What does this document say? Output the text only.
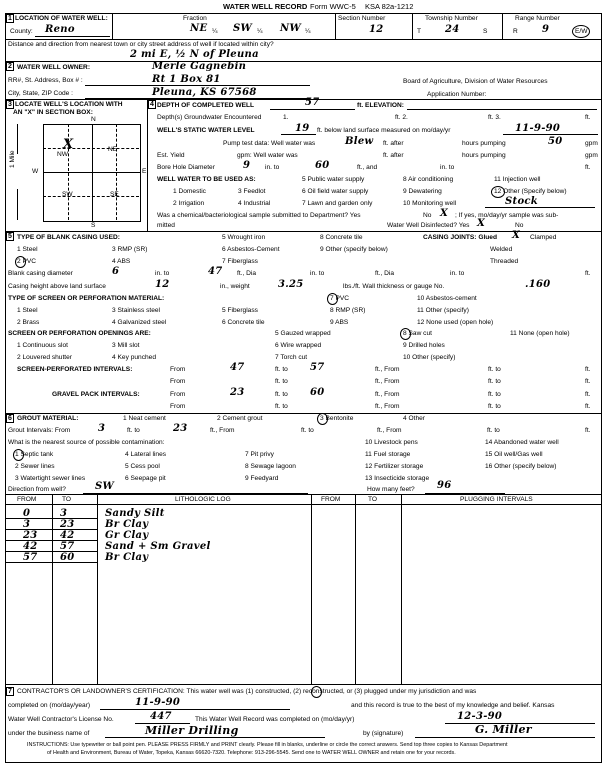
WATER WELL RECORD Form WWC-5 KSA 82a-1212
1 LOCATION OF WATER WELL:	Fraction	Section Number	Township Number	Range Number
County: Reno	NE ¼ SW ¼ NW ¼	12	T 24	S	R 9	E/W
Distance and direction from nearest town or city street address of well if located within city?
2 mi E, ½ N of Pleuna
2 WATER WELL OWNER:	Merle Gagnebin
RR#, St. Address, Box # :	Rt 1 Box 81	Board of Agriculture, Division of Water Resources
City, State, ZIP Code :	Pleuna, KS 67568	Application Number:
3 LOCATE WELL'S LOCATION WITH
AN "X" IN SECTION BOX:
N
S
W	E
NW
NE
SW	SE
X
1 Mile
4 DEPTH OF COMPLETED WELL	57	ft. ELEVATION:
Depth(s) Groundwater Encountered	1.	ft. 2.	ft. 3.	ft.
WELL'S STATIC WATER LEVEL	19 ft. below land surface measured on mo/day/yr	11-9-90
Pump test data: Well water was	Blew ft. after	hours pumping	50	gpm
Est. Yield	gpm: Well water was	ft. after	hours pumping	gpm
Bore Hole Diameter	9 in. to	60	ft., and	in. to	ft.
WELL WATER TO BE USED AS:	5 Public water supply	8 Air conditioning	11 Injection well
1 Domestic	3 Feedlot	6 Oil field water supply	9 Dewatering	12 Other (Specify below)
2 Irrigation	4 Industrial	7 Lawn and garden only	10 Monitoring well	Stock
Was a chemical/bacteriological sample submitted to Department? Yes	No X ; If yes, mo/day/yr sample was sub-
mitted	Water Well Disinfected? Yes X	No
5 TYPE OF BLANK CASING USED:
1 Steel
2 PVC
3 RMP (SR)
4 ABS
5 Wrought iron
6 Asbestos-Cement
7 Fiberglass
8 Concrete tile
9 Other (specify below)
CASING JOINTS: Glued X Clamped
Welded
Threaded
Blank casing diameter	6	in. to	47 ft., Dia	in. to	ft., Dia	in. to	ft.
Casing height above land surface	12	in., weight	3.25	lbs./ft. Wall thickness or gauge No.	.160
TYPE OF SCREEN OR PERFORATION MATERIAL:
1 Steel
2 Brass
3 Stainless steel
4 Galvanized steel
5 Fiberglass
6 Concrete tile
7 PVC
8 RMP (SR)
9 ABS
10 Asbestos-cement
11 Other (specify)
12 None used (open hole)
SCREEN OR PERFORATION OPENINGS ARE:
1 Continuous slot
2 Louvered shutter
3 Mill slot
4 Key punched
5 Gauzed wrapped
6 Wire wrapped
7 Torch cut
8 Saw cut
9 Drilled holes
10 Other (specify)
11 None (open hole)
SCREEN-PERFORATED INTERVALS:	From	47	ft. to 57	ft., From	ft. to	ft.
From	ft. to	ft., From	ft. to	ft.
GRAVEL PACK INTERVALS:	From	23	ft. to 60	ft., From	ft. to	ft.
From	ft. to	ft., From	ft. to	ft.
6 GROUT MATERIAL:	1 Neat cement	2 Cement grout	3 Bentonite	4 Other
Grout Intervals: From	3	ft. to	23	ft., From	ft. to	ft., From	ft. to	ft.
What is the nearest source of possible contamination:
1 Septic tank
2 Sewer lines
3 Watertight sewer lines
4 Lateral lines
5 Cess pool
6 Seepage pit
7 Pit privy
8 Sewage lagoon
9 Feedyard
10 Livestock pens
11 Fuel storage
12 Fertilizer storage
13 Insecticide storage
14 Abandoned water well
15 Oil well/Gas well
16 Other (specify below)
Direction from well?	SW	How many feet? 96
FROM	TO	LITHOLOGIC LOG	FROM	TO	PLUGGING INTERVALS
0	3	Sandy Silt
3	23	Br Clay
23 42	Gr Clay
42 57	Sand + Sm Gravel
57 60	Br Clay
7 CONTRACTOR'S OR LANDOWNER'S CERTIFICATION: This water well was (1) constructed, (2) reconstructed, or (3) plugged under my jurisdiction and was
completed on (mo/day/year)	11-9-90	and this record is true to the best of my knowledge and belief. Kansas
Water Well Contractor's License No.	447	This Water Well Record was completed on (mo/day/yr)	12-3-90
under the business name of	Miller Drilling	by (signature)	G. Miller
INSTRUCTIONS: Use typewriter or ball point pen. PLEASE PRESS FIRMLY and PRINT clearly. Please fill in blanks, underline or circle the correct answers. Send top three copies to Kansas Department
of Health and Environment, Bureau of Water, Topeka, Kansas 66620-7320. Telephone: 913-296-5545. Send one to WATER WELL OWNER and retain one for your records.
